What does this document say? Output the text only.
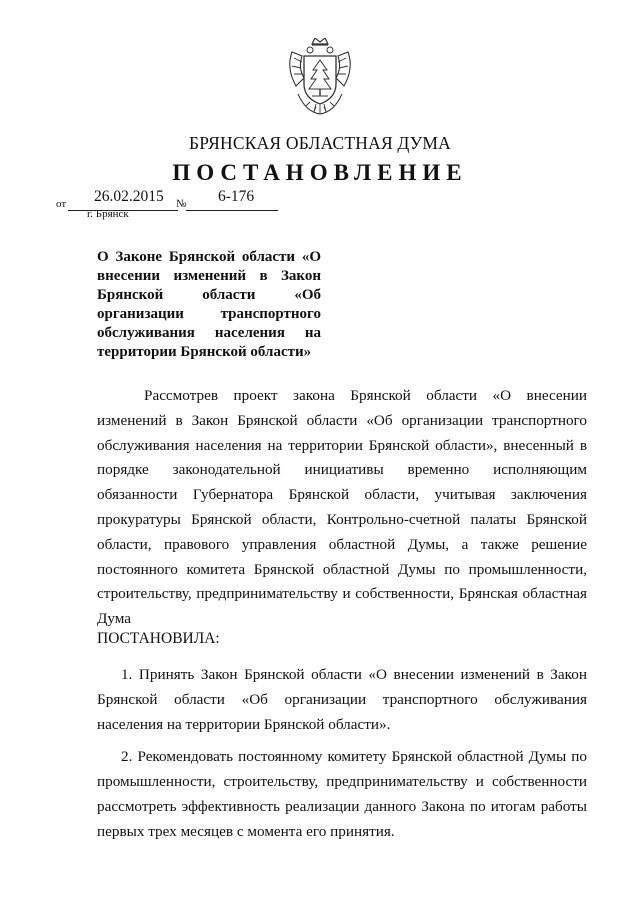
БРЯНСКАЯ ОБЛАСТНАЯ ДУМА
ПОСТАНОВЛЕНИЕ
от 26.02.2015 № 6-176
г. Брянск
О Законе Брянской области «О внесении изменений в Закон Брянской области «Об организации транспортного обслуживания населения на территории Брянской области»

Рассмотрев проект закона Брянской области «О внесении изменений в Закон Брянской области «Об организации транспортного обслуживания населения на территории Брянской области», внесенный в порядке законодательной инициативы временно исполняющим обязанности Губернатора Брянской области, учитывая заключения прокуратуры Брянской области, Контрольно-счетной палаты Брянской области, правового управления областной Думы, а также решение постоянного комитета Брянской областной Думы по промышленности, строительству, предпринимательству и собственности, Брянская областная Дума

ПОСТАНОВИЛА:

1. Принять Закон Брянской области «О внесении изменений в Закон Брянской области «Об организации транспортного обслуживания населения на территории Брянской области».

2. Рекомендовать постоянному комитету Брянской областной Думы по промышленности, строительству, предпринимательству и собственности рассмотреть эффективность реализации данного Закона по итогам работы первых трех месяцев с момента его принятия.
